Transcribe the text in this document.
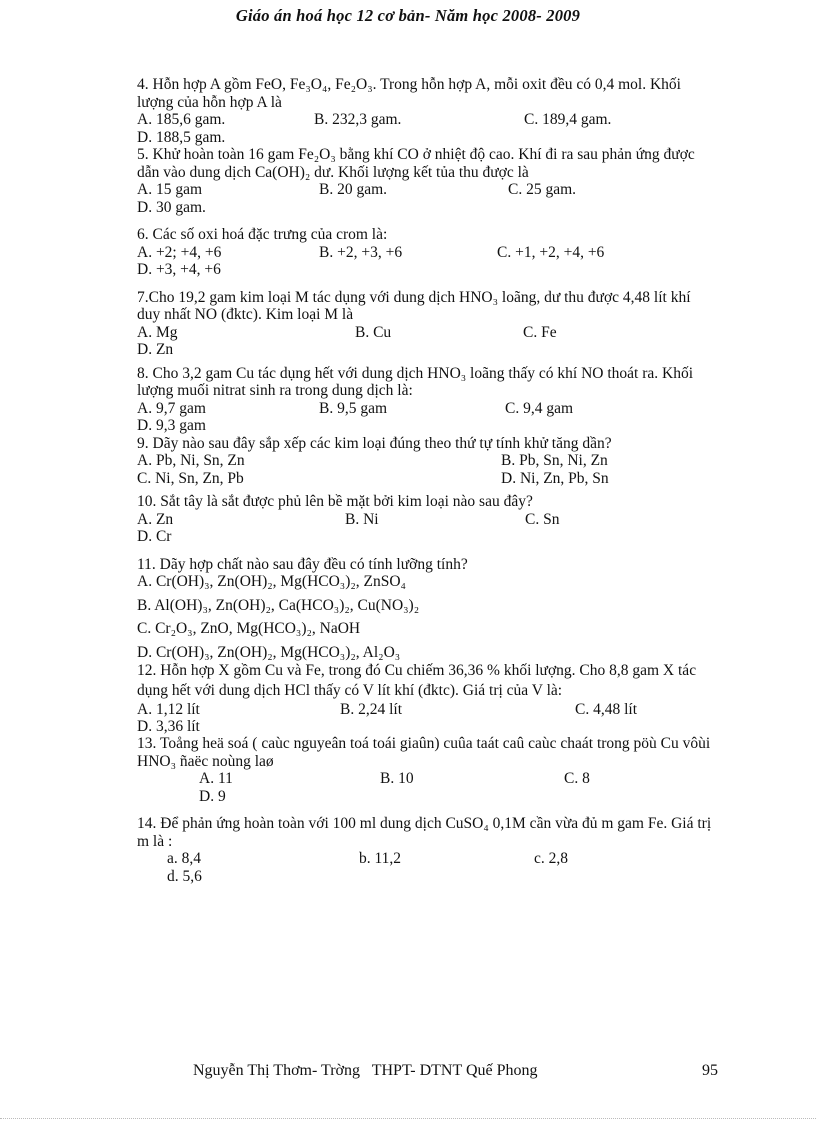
Giáo án hoá học 12 cơ bản- Năm học 2008- 2009
4. Hỗn hợp A gồm FeO, Fe₃O₄, Fe₂O₃. Trong hỗn hợp A, mỗi oxit đều có 0,4 mol. Khối lượng của hỗn hợp A là
A. 185,6 gam.	B. 232,3 gam.	C. 189,4 gam.
D. 188,5 gam.
5. Khử hoàn toàn 16 gam Fe₂O₃ bằng khí CO ở nhiệt độ cao. Khí đi ra sau phản ứng được dẫn vào dung dịch Ca(OH)₂ dư. Khối lượng kết tủa thu được là
A. 15 gam	B. 20 gam.	C. 25 gam.
D. 30 gam.
6. Các số oxi hoá đặc trưng của crom là:
A. +2; +4, +6	B. +2, +3, +6	C. +1, +2, +4, +6
D. +3, +4, +6
7.Cho 19,2 gam kim loại M tác dụng với dung dịch HNO₃ loãng, dư thu được 4,48 lít khí duy nhất NO (đktc). Kim loại M là
A. Mg	B. Cu	C. Fe
D. Zn
8. Cho 3,2 gam Cu tác dụng hết với dung dịch HNO₃ loãng thấy có khí NO thoát ra. Khối lượng muối nitrat sinh ra trong dung dịch là:
A. 9,7 gam	B. 9,5 gam	C. 9,4 gam
D. 9,3 gam
9. Dãy nào sau đây sắp xếp các kim loại đúng theo thứ tự tính khử tăng dần?
A. Pb, Ni, Sn, Zn	B. Pb, Sn, Ni, Zn
C. Ni, Sn, Zn, Pb	D. Ni, Zn, Pb, Sn
10. Sắt tây là sắt được phủ lên bề mặt bởi kim loại nào sau đây?
A. Zn	B. Ni	C. Sn
D. Cr
11. Dãy hợp chất nào sau đây đều có tính lưỡng tính?
A. Cr(OH)₃, Zn(OH)₂, Mg(HCO₃)₂, ZnSO₄
B. Al(OH)₃, Zn(OH)₂, Ca(HCO₃)₂, Cu(NO₃)₂
C. Cr₂O₃, ZnO, Mg(HCO₃)₂, NaOH
D. Cr(OH)₃, Zn(OH)₂, Mg(HCO₃)₂, Al₂O₃
12. Hỗn hợp X gồm Cu và Fe, trong đó Cu chiếm 36,36 % khối lượng. Cho 8,8 gam X tác dụng hết với dung dịch HCl thấy có V lít khí (đktc). Giá trị của V là:
A. 1,12 lít	B. 2,24 lít	C. 4,48 lít
D. 3,36 lít
13. Toång heä soá ( caùc nguyeân toá toái giaûn) cuûa taát caû caùc chaát trong pöù Cu vôùi HNO₃ ñaëc noùng laø
A. 11	B. 10	C. 8
D. 9
14. Để phản ứng hoàn toàn với 100 ml dung dịch CuSO₄ 0,1M cần vừa đủ m gam Fe. Giá trị m là :
a. 8,4	b. 11,2	c. 2,8
d. 5,6
Nguyễn Thị Thơm- Trờng   THPT- DTNT Quế Phong	95
